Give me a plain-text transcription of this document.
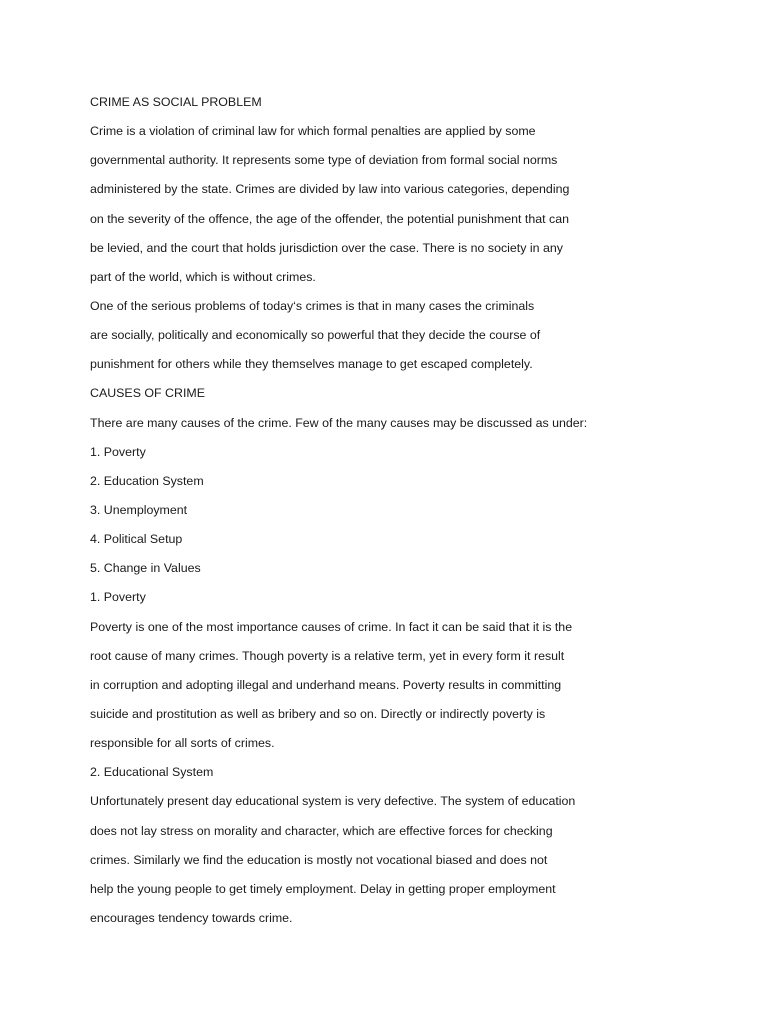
CRIME AS SOCIAL PROBLEM
Crime is a violation of criminal law for which formal penalties are applied by some
governmental authority. It represents some type of deviation from formal social norms
administered by the state. Crimes are divided by law into various categories, depending
on the severity of the offence, the age of the offender, the potential punishment that can
be levied, and the court that holds jurisdiction over the case. There is no society in any
part of the world, which is without crimes.
One of the serious problems of today‘s crimes is that in many cases the criminals
are socially, politically and economically so powerful that they decide the course of
punishment for others while they themselves manage to get escaped completely.
CAUSES OF CRIME
There are many causes of the crime. Few of the many causes may be discussed as under:
1. Poverty
2. Education System
3. Unemployment
4. Political Setup
5. Change in Values
1. Poverty
Poverty is one of the most importance causes of crime. In fact it can be said that it is the
root cause of many crimes. Though poverty is a relative term, yet in every form it result
in corruption and adopting illegal and underhand means. Poverty results in committing
suicide and prostitution as well as bribery and so on. Directly or indirectly poverty is
responsible for all sorts of crimes.
2. Educational System
Unfortunately present day educational system is very defective. The system of education
does not lay stress on morality and character, which are effective forces for checking
crimes. Similarly we find the education is mostly not vocational biased and does not
help the young people to get timely employment. Delay in getting proper employment
encourages tendency towards crime.
